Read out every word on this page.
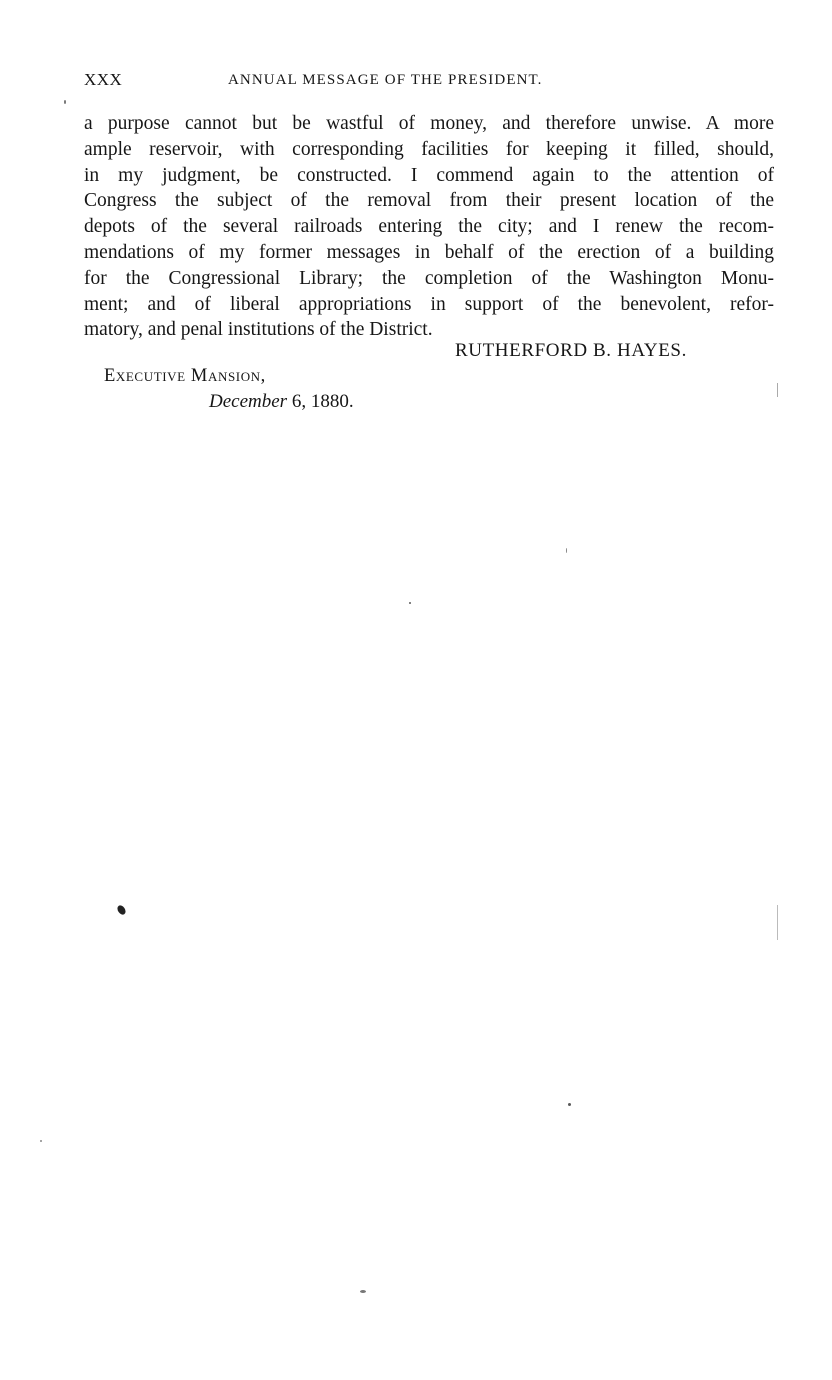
XXX	ANNUAL MESSAGE OF THE PRESIDENT.
a purpose cannot but be wastful of money, and therefore unwise. A more
ample reservoir, with corresponding facilities for keeping it filled, should,
in my judgment, be constructed. I commend again to the attention of
Congress the subject of the removal from their present location of the
depots of the several railroads entering the city; and I renew the recom-
mendations of my former messages in behalf of the erection of a building
for the Congressional Library; the completion of the Washington Monu-
ment; and of liberal appropriations in support of the benevolent, refor-
matory, and penal institutions of the District.
RUTHERFORD B. HAYES.
Executive Mansion,
December 6, 1880.
